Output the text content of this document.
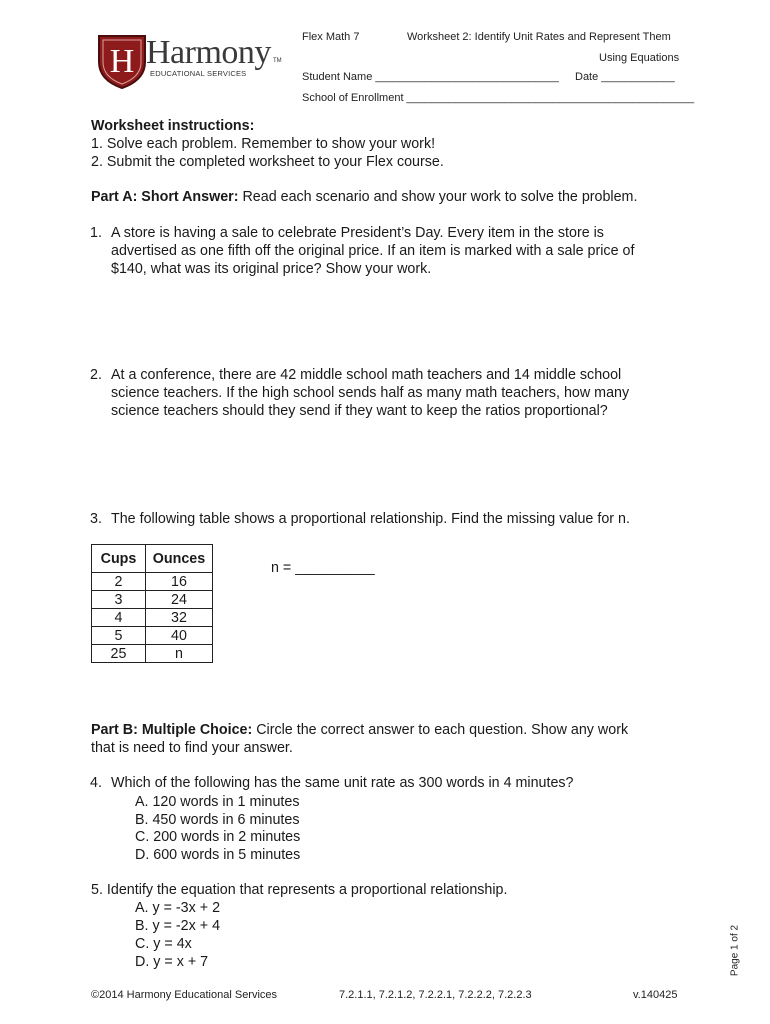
H Harmony
EDUCATIONAL SERVICES
TM
Flex Math 7	Worksheet 2: Identify Unit Rates and Represent Them
Using Equations
Student Name ______________________________ Date ____________
School of Enrollment _______________________________________________
Worksheet instructions:
1. Solve each problem. Remember to show your work!
2. Submit the completed worksheet to your Flex course.
Part A: Short Answer: Read each scenario and show your work to solve the problem.
1. A store is having a sale to celebrate President’s Day. Every item in the store is
advertised as one fifth off the original price. If an item is marked with a sale price of
$140, what was its original price? Show your work.
2. At a conference, there are 42 middle school math teachers and 14 middle school
science teachers. If the high school sends half as many math teachers, how many
science teachers should they send if they want to keep the ratios proportional?
3. The following table shows a proportional relationship. Find the missing value for n.
Cups	Ounces
2	16
3	24
4	32
5	40
25	n
n = __________
Part B: Multiple Choice: Circle the correct answer to each question. Show any work
that is need to find your answer.
4. Which of the following has the same unit rate as 300 words in 4 minutes?
A. 120 words in 1 minutes
B. 450 words in 6 minutes
C. 200 words in 2 minutes
D. 600 words in 5 minutes
5. Identify the equation that represents a proportional relationship.
A. y = -3x + 2
B. y = -2x + 4
C. y = 4x
D. y = x + 7	Page 1 of 2
©2014 Harmony Educational Services	7.2.1.1, 7.2.1.2, 7.2.2.1, 7.2.2.2, 7.2.2.3	v.140425
